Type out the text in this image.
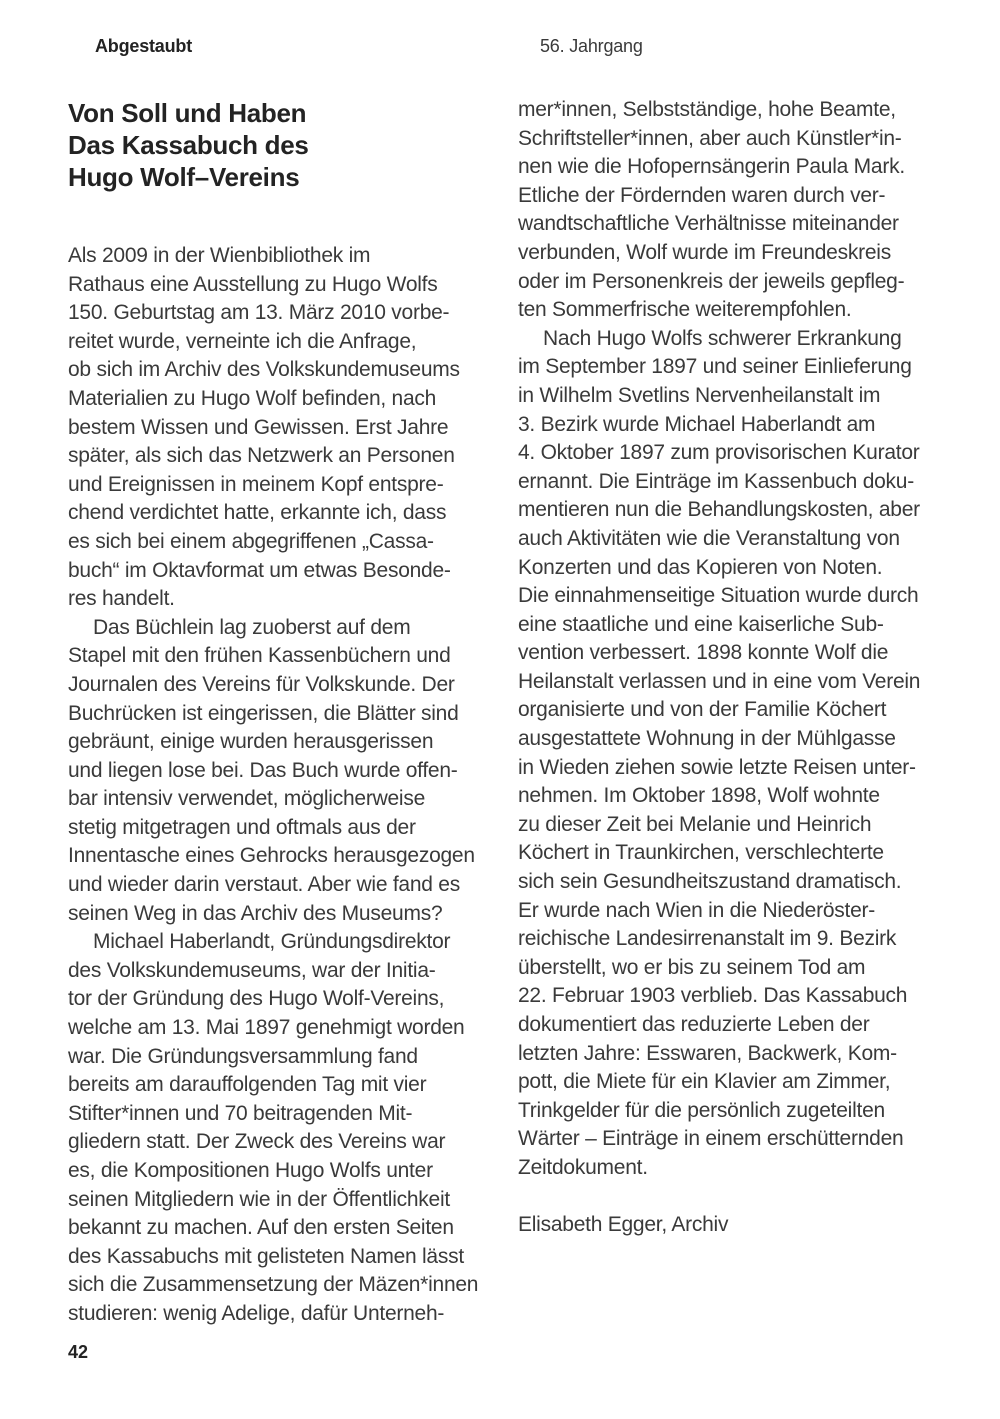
Abgestaubt	56. Jahrgang
Von Soll und Haben
Das Kassabuch des
Hugo Wolf–Vereins
Als 2009 in der Wienbibliothek im
Rathaus eine Ausstellung zu Hugo Wolfs
150. Geburtstag am 13. März 2010 vorbe-
reitet wurde, verneinte ich die Anfrage,
ob sich im Archiv des Volkskundemuseums
Materialien zu Hugo Wolf befinden, nach
bestem Wissen und Gewissen. Erst Jahre
später, als sich das Netzwerk an Personen
und Ereignissen in meinem Kopf entspre-
chend verdichtet hatte, erkannte ich, dass
es sich bei einem abgegriffenen „Cassa-
buch“ im Oktavformat um etwas Besonde-
res handelt.
Das Büchlein lag zuoberst auf dem
Stapel mit den frühen Kassenbüchern und
Journalen des Vereins für Volkskunde. Der
Buchrücken ist eingerissen, die Blätter sind
gebräunt, einige wurden herausgerissen
und liegen lose bei. Das Buch wurde offen-
bar intensiv verwendet, möglicherweise
stetig mitgetragen und oftmals aus der
Innentasche eines Gehrocks herausgezogen
und wieder darin verstaut. Aber wie fand es
seinen Weg in das Archiv des Museums?
Michael Haberlandt, Gründungsdirektor
des Volkskundemuseums, war der Initia-
tor der Gründung des Hugo Wolf-Vereins,
welche am 13. Mai 1897 genehmigt worden
war. Die Gründungsversammlung fand
bereits am darauffolgenden Tag mit vier
Stifter*innen und 70 beitragenden Mit-
gliedern statt. Der Zweck des Vereins war
es, die Kompositionen Hugo Wolfs unter
seinen Mitgliedern wie in der Öffentlichkeit
bekannt zu machen. Auf den ersten Seiten
des Kassabuchs mit gelisteten Namen lässt
sich die Zusammensetzung der Mäzen*innen
studieren: wenig Adelige, dafür Unterneh-
mer*innen, Selbstständige, hohe Beamte,
Schriftsteller*innen, aber auch Künstler*in-
nen wie die Hofopernsängerin Paula Mark.
Etliche der Fördernden waren durch ver-
wandtschaftliche Verhältnisse miteinander
verbunden, Wolf wurde im Freundeskreis
oder im Personenkreis der jeweils gepfleg-
ten Sommerfrische weiterempfohlen.
Nach Hugo Wolfs schwerer Erkrankung
im September 1897 und seiner Einlieferung
in Wilhelm Svetlins Nervenheilanstalt im
3. Bezirk wurde Michael Haberlandt am
4. Oktober 1897 zum provisorischen Kurator
ernannt. Die Einträge im Kassenbuch doku-
mentieren nun die Behandlungskosten, aber
auch Aktivitäten wie die Veranstaltung von
Konzerten und das Kopieren von Noten.
Die einnahmenseitige Situation wurde durch
eine staatliche und eine kaiserliche Sub-
vention verbessert. 1898 konnte Wolf die
Heilanstalt verlassen und in eine vom Verein
organisierte und von der Familie Köchert
ausgestattete Wohnung in der Mühlgasse
in Wieden ziehen sowie letzte Reisen unter-
nehmen. Im Oktober 1898, Wolf wohnte
zu dieser Zeit bei Melanie und Heinrich
Köchert in Traunkirchen, verschlechterte
sich sein Gesundheitszustand dramatisch.
Er wurde nach Wien in die Niederöster-
reichische Landesirrenanstalt im 9. Bezirk
überstellt, wo er bis zu seinem Tod am
22. Februar 1903 verblieb. Das Kassabuch
dokumentiert das reduzierte Leben der
letzten Jahre: Esswaren, Backwerk, Kom-
pott, die Miete für ein Klavier am Zimmer,
Trinkgelder für die persönlich zugeteilten
Wärter – Einträge in einem erschütternden
Zeitdokument.
Elisabeth Egger, Archiv
42
